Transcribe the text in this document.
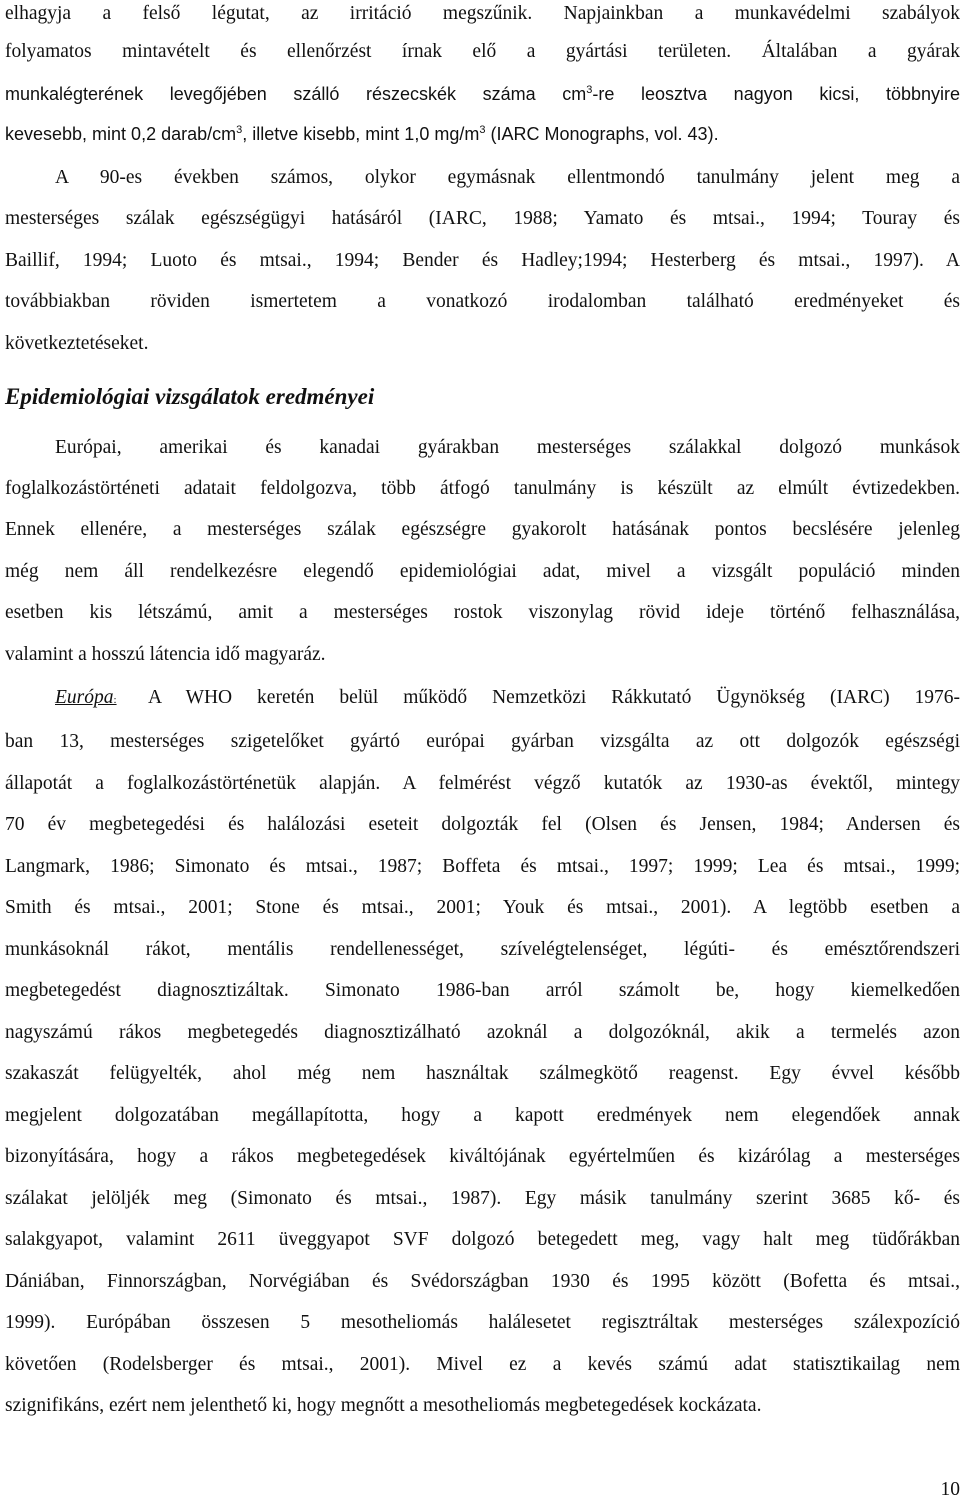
elhagyja a felső légutat, az irritáció megszűnik. Napjainkban a munkavédelmi szabályok
folyamatos mintavételt és ellenőrzést írnak elő a gyártási területen. Általában a gyárak
munkalégterének levegőjében szálló részecskék száma $cm^3-re$ leosztva nagyon kicsi, többnyire
kevesebb, mint 0,2 darab/$cm^3$, illetve kisebb, mint 1,0 $mg/m^3$ (IARC Monographs, vol. 43).
A 90-es években számos, olykor egymásnak ellentmondó tanulmány jelent meg a
mesterséges szálak egészségügyi hatásáról (IARC, 1988; Yamato és mtsai., 1994; Touray és
Baillif, 1994; Luoto és mtsai., 1994; Bender és Hadley;1994; Hesterberg és mtsai., 1997). A
továbbiakban röviden ismertetem a vonatkozó irodalomban található eredményeket és
következtetéseket.
Epidemiológiai vizsgálatok eredményei
Európai, amerikai és kanadai gyárakban mesterséges szálakkal dolgozó munkások
foglalkozástörténeti adatait feldolgozva, több átfogó tanulmány is készült az elmúlt évtizedekben.
Ennek ellenére, a mesterséges szálak egészségre gyakorolt hatásának pontos becslésére jelenleg
még nem áll rendelkezésre elegendő epidemiológiai adat, mivel a vizsgált populáció minden
esetben kis létszámú, amit a mesterséges rostok viszonylag rövid ideje történő felhasználása,
valamint a hosszú látencia idő magyaráz.
Európa: A WHO keretén belül működő Nemzetközi Rákkutató Ügynökség (IARC) 1976-
ban 13, mesterséges szigetelőket gyártó európai gyárban vizsgálta az ott dolgozók egészségi
állapotát a foglalkozástörténetük alapján. A felmérést végző kutatók az 1930-as évektől, mintegy
70 év megbetegedési és halálozási eseteit dolgozták fel (Olsen és Jensen, 1984; Andersen és
Langmark, 1986; Simonato és mtsai., 1987; Boffeta és mtsai., 1997; 1999; Lea és mtsai., 1999;
Smith és mtsai., 2001; Stone és mtsai., 2001; Youk és mtsai., 2001). A legtöbb esetben a
munkásoknál rákot, mentális rendellenességet, szívelégtelenséget, légúti- és emésztőrendszeri
megbetegedést diagnosztizáltak. Simonato 1986-ban arról számolt be, hogy kiemelkedően
nagyszámú rákos megbetegedés diagnosztizálható azoknál a dolgozóknál, akik a termelés azon
szakaszát felügyelték, ahol még nem használtak szálmegkötő reagenst. Egy évvel később
megjelent dolgozatában megállapította, hogy a kapott eredmények nem elegendőek annak
bizonyítására, hogy a rákos megbetegedések kiváltójának egyértelműen és kizárólag a mesterséges
szálakat jelöljék meg (Simonato és mtsai., 1987). Egy másik tanulmány szerint 3685 kő- és
salakgyapot, valamint 2611 üveggyapot SVF dolgozó betegedett meg, vagy halt meg tüdőrákban
Dániában, Finnországban, Norvégiában és Svédországban 1930 és 1995 között (Bofetta és mtsai.,
1999). Európában összesen 5 mesotheliomás halálesetet regisztráltak mesterséges szálexpozíció
követően (Rodelsberger és mtsai., 2001). Mivel ez a kevés számú adat statisztikailag nem
szignifikáns, ezért nem jelenthető ki, hogy megnőtt a mesotheliomás megbetegedések kockázata.
10
